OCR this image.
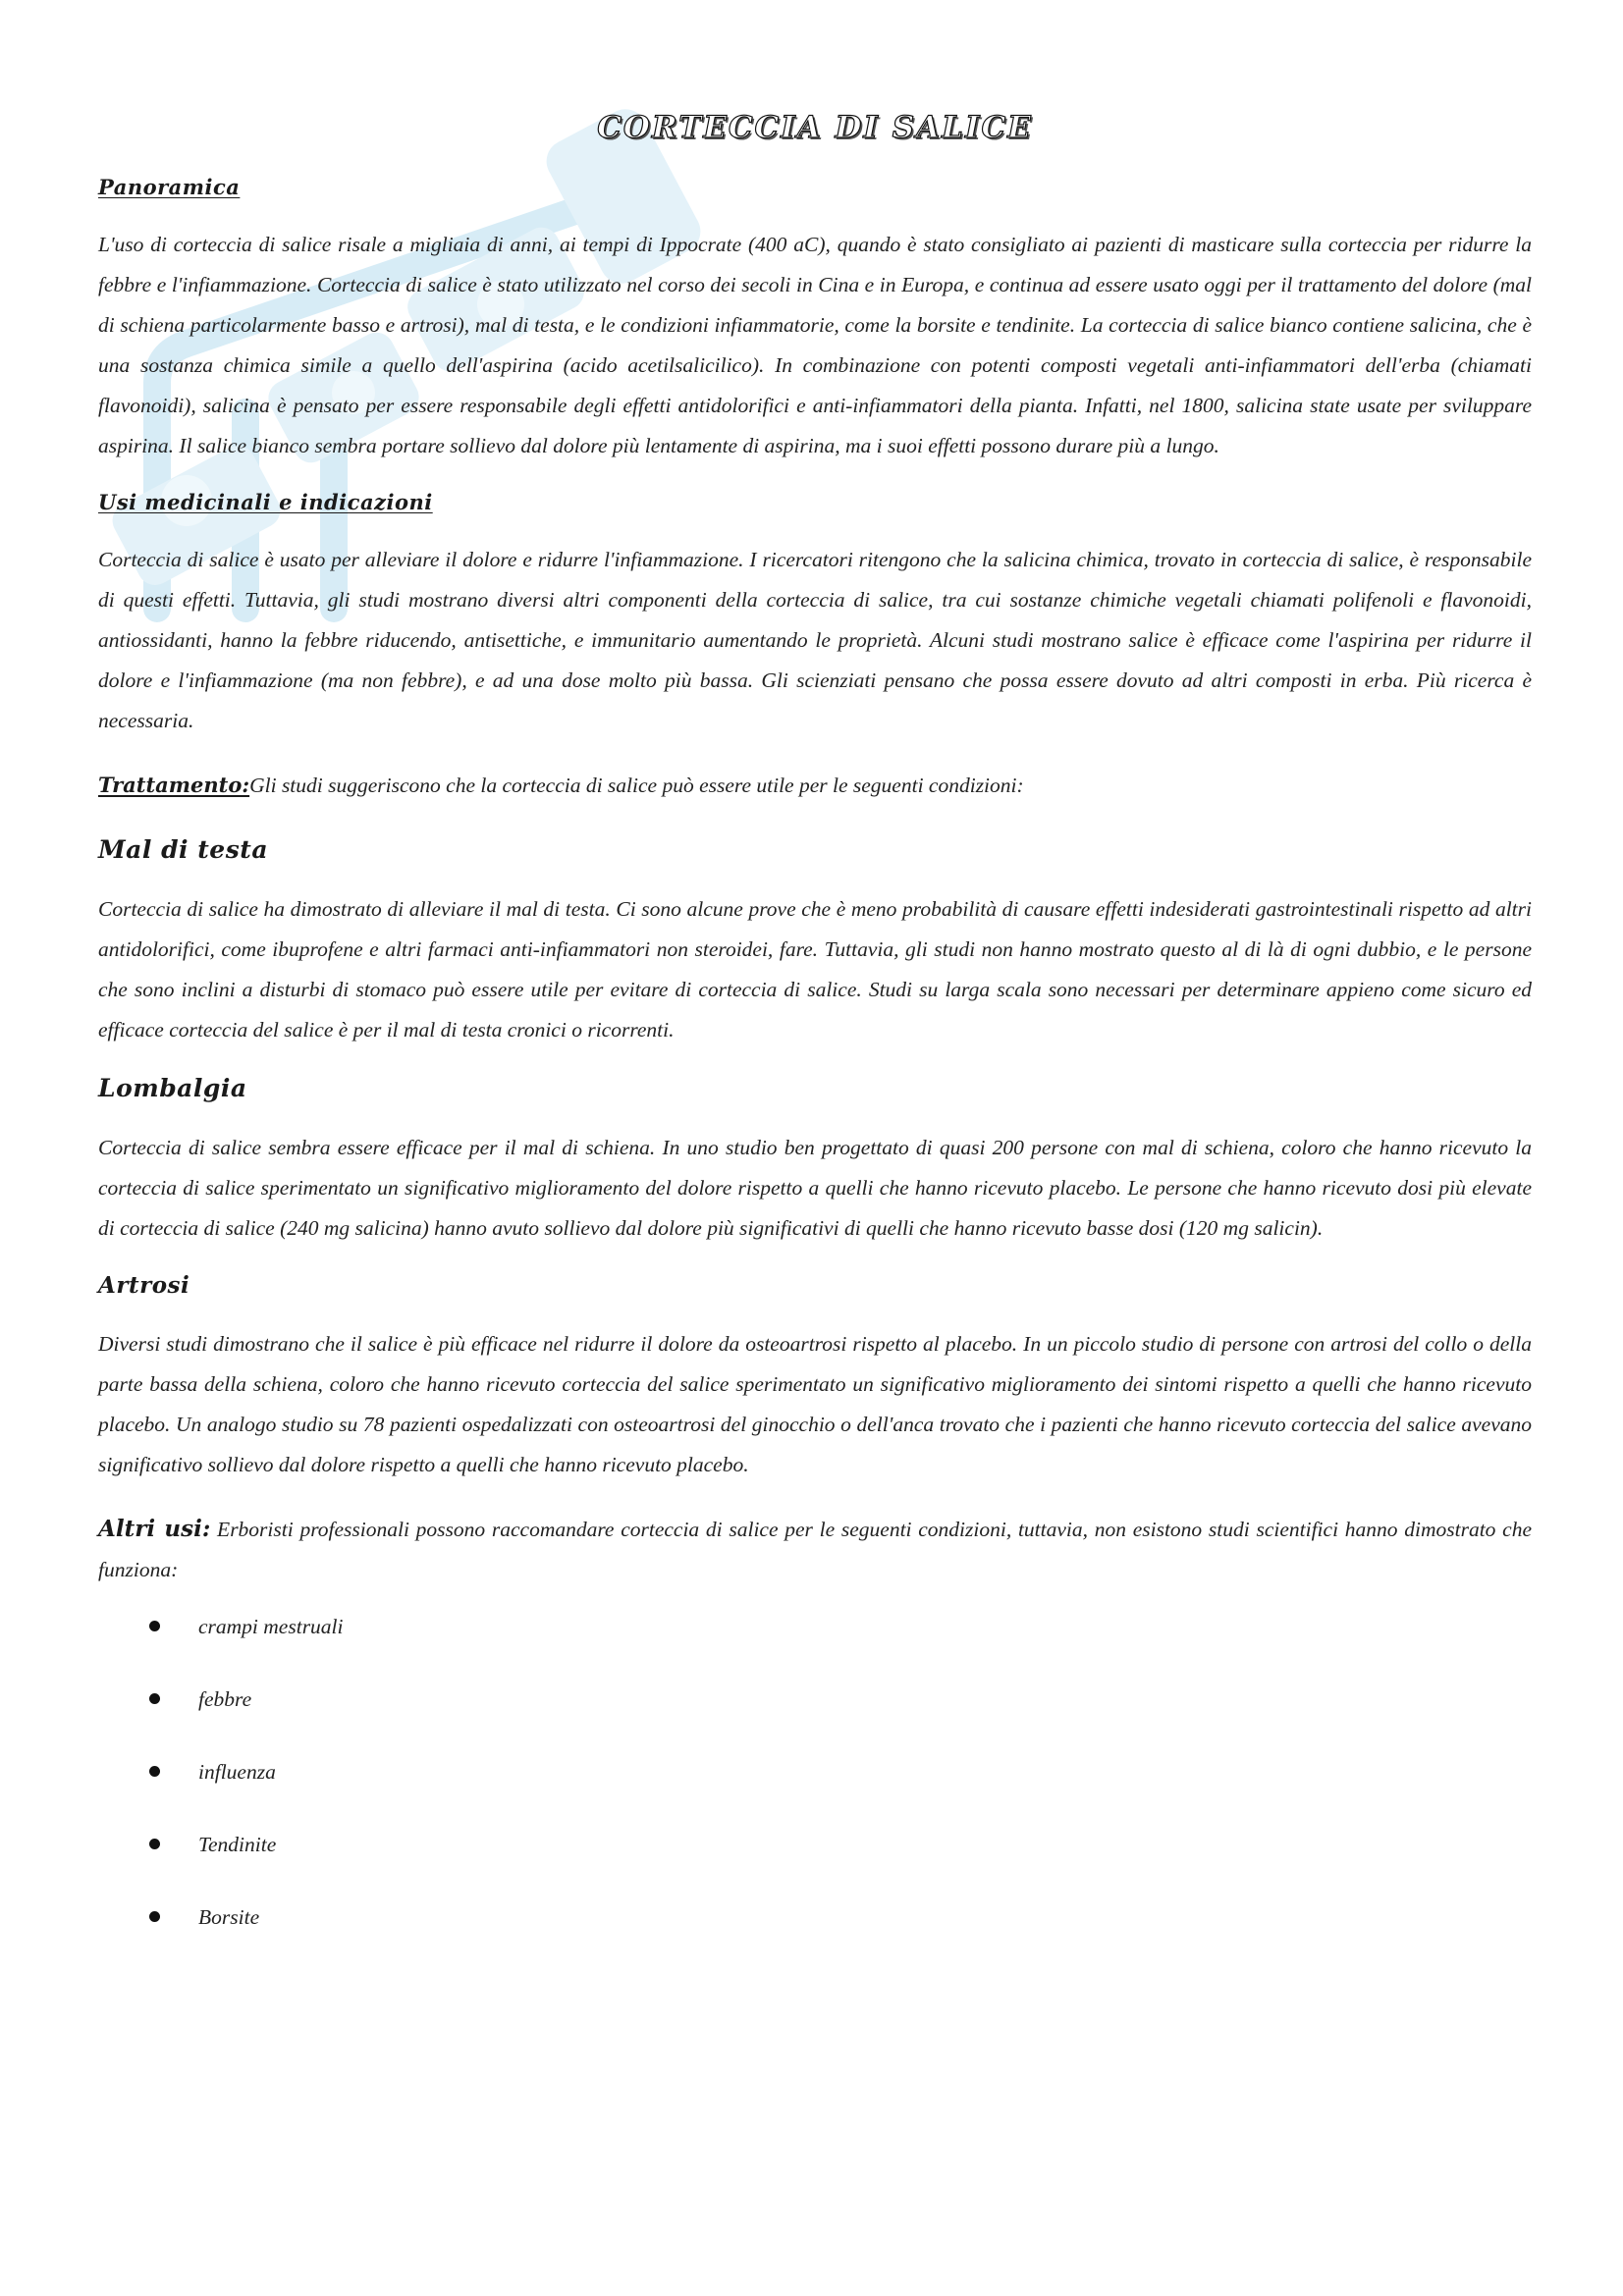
CORTECCIA DI SALICE
Panoramica

L'uso di corteccia di salice risale a migliaia di anni, ai tempi di Ippocrate (400 aC), quando è stato consigliato ai pazienti di masticare sulla corteccia per ridurre la febbre e l'infiammazione. Corteccia di salice è stato utilizzato nel corso dei secoli in Cina e in Europa, e continua ad essere usato oggi per il trattamento del dolore (mal di schiena particolarmente basso e artrosi), mal di testa, e le condizioni infiammatorie, come la borsite e tendinite. La corteccia di salice bianco contiene salicina, che è una sostanza chimica simile a quello dell'aspirina (acido acetilsalicilico). In combinazione con potenti composti vegetali anti-infiammatori dell'erba (chiamati flavonoidi), salicina è pensato per essere responsabile degli effetti antidolorifici e anti-infiammatori della pianta. Infatti, nel 1800, salicina state usate per sviluppare aspirina. Il salice bianco sembra portare sollievo dal dolore più lentamente di aspirina, ma i suoi effetti possono durare più a lungo.

Usi medicinali e indicazioni

Corteccia di salice è usato per alleviare il dolore e ridurre l'infiammazione. I ricercatori ritengono che la salicina chimica, trovato in corteccia di salice, è responsabile di questi effetti. Tuttavia, gli studi mostrano diversi altri componenti della corteccia di salice, tra cui sostanze chimiche vegetali chiamati polifenoli e flavonoidi, antiossidanti, hanno la febbre riducendo, antisettiche, e immunitario aumentando le proprietà. Alcuni studi mostrano salice è efficace come l'aspirina per ridurre il dolore e l'infiammazione (ma non febbre), e ad una dose molto più bassa. Gli scienziati pensano che possa essere dovuto ad altri composti in erba. Più ricerca è necessaria.

Trattamento:Gli studi suggeriscono che la corteccia di salice può essere utile per le seguenti condizioni:

Mal di testa

Corteccia di salice ha dimostrato di alleviare il mal di testa. Ci sono alcune prove che è meno probabilità di causare effetti indesiderati gastrointestinali rispetto ad altri antidolorifici, come ibuprofene e altri farmaci anti-infiammatori non steroidei, fare. Tuttavia, gli studi non hanno mostrato questo al di là di ogni dubbio, e le persone che sono inclini a disturbi di stomaco può essere utile per evitare di corteccia di salice. Studi su larga scala sono necessari per determinare appieno come sicuro ed efficace corteccia del salice è per il mal di testa cronici o ricorrenti.

Lombalgia

Corteccia di salice sembra essere efficace per il mal di schiena. In uno studio ben progettato di quasi 200 persone con mal di schiena, coloro che hanno ricevuto la corteccia di salice sperimentato un significativo miglioramento del dolore rispetto a quelli che hanno ricevuto placebo. Le persone che hanno ricevuto dosi più elevate di corteccia di salice (240 mg salicina) hanno avuto sollievo dal dolore più significativi di quelli che hanno ricevuto basse dosi (120 mg salicin).

Artrosi

Diversi studi dimostrano che il salice è più efficace nel ridurre il dolore da osteoartrosi rispetto al placebo. In un piccolo studio di persone con artrosi del collo o della parte bassa della schiena, coloro che hanno ricevuto corteccia del salice sperimentato un significativo miglioramento dei sintomi rispetto a quelli che hanno ricevuto placebo. Un analogo studio su 78 pazienti ospedalizzati con osteoartrosi del ginocchio o dell'anca trovato che i pazienti che hanno ricevuto corteccia del salice avevano significativo sollievo dal dolore rispetto a quelli che hanno ricevuto placebo.

Altri usi: Erboristi professionali possono raccomandare corteccia di salice per le seguenti condizioni, tuttavia, non esistono studi scientifici hanno dimostrato che funziona:

crampi mestruali
febbre
influenza
Tendinite
Borsite
